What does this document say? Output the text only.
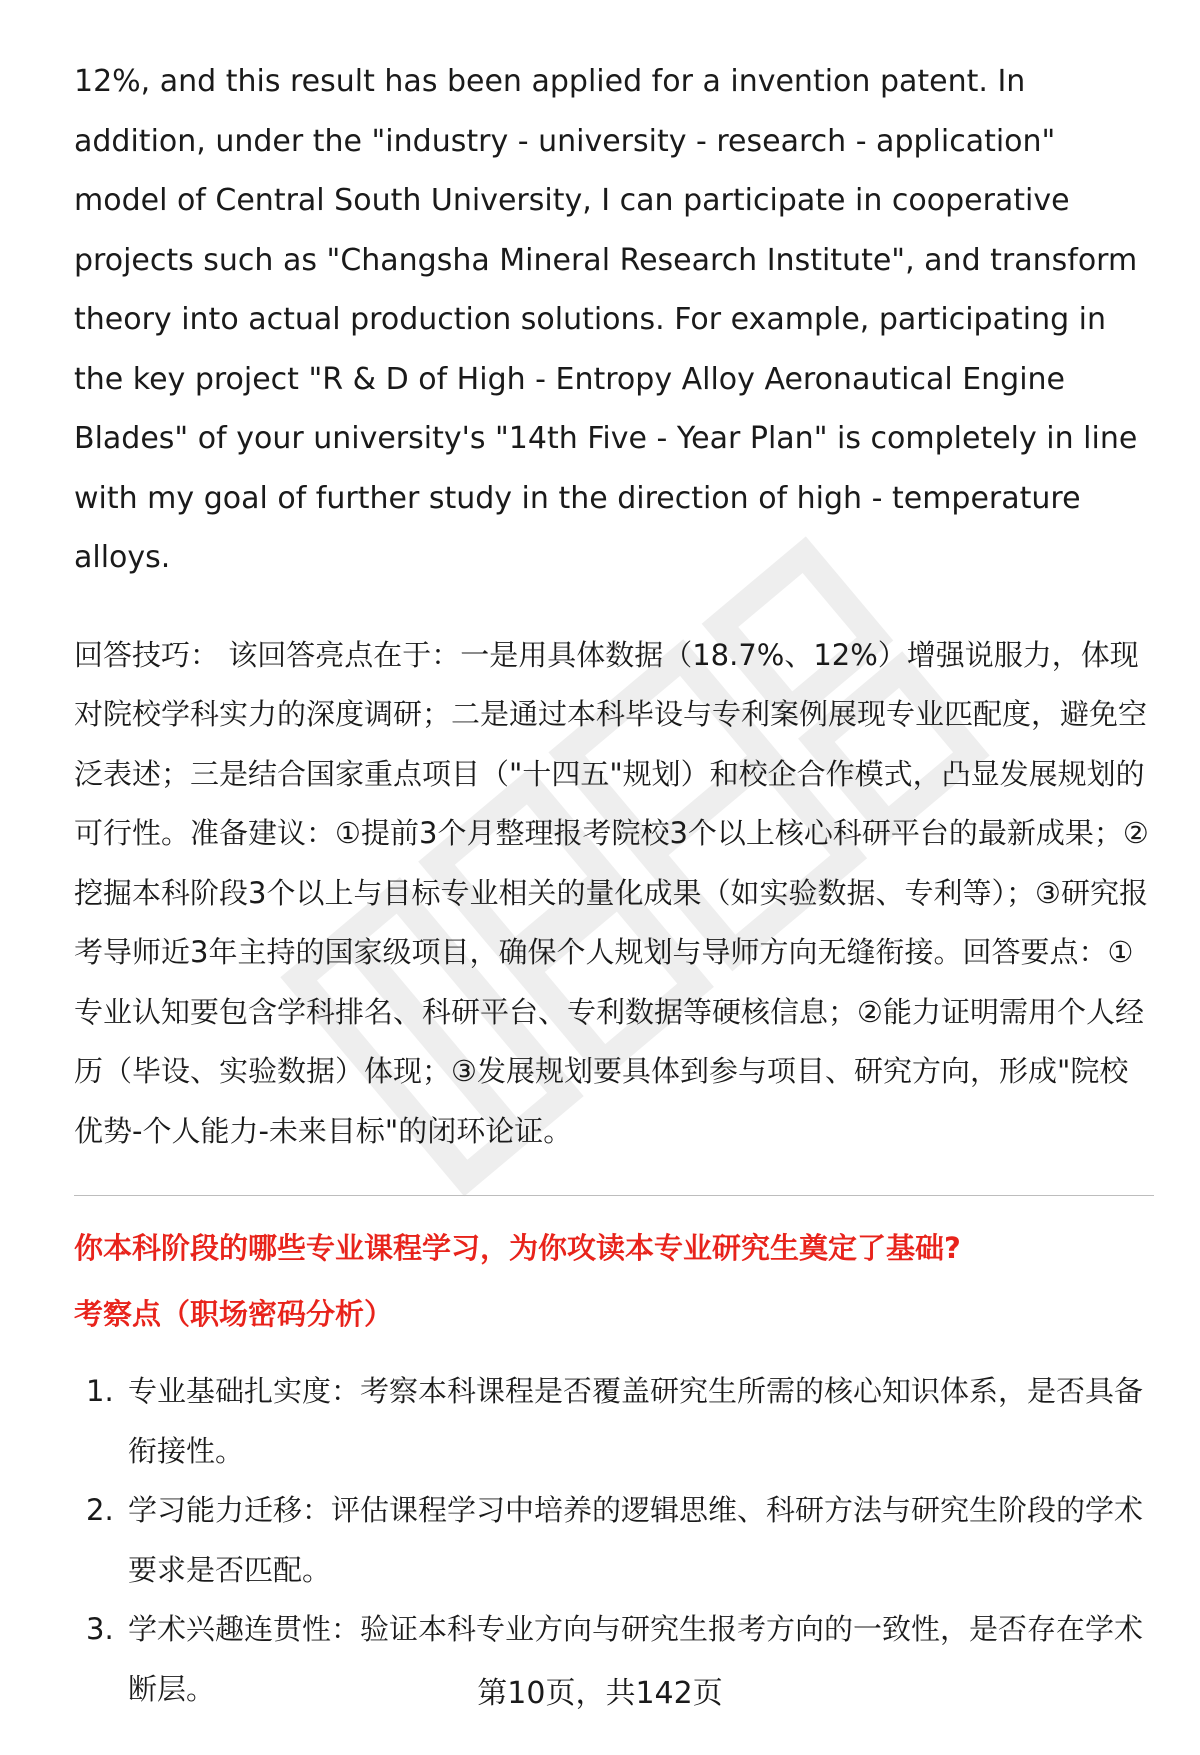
12%, and this result has been applied for a invention patent. In addition, under the "industry - university - research - application" model of Central South University, I can participate in cooperative projects such as "Changsha Mineral Research Institute", and transform theory into actual production solutions. For example, participating in the key project "R & D of High - Entropy Alloy Aeronautical Engine Blades" of your university's "14th Five - Year Plan" is completely in line with my goal of further study in the direction of high - temperature alloys.

回答技巧： 该回答亮点在于：一是用具体数据（18.7%、12%）增强说服力，体现对院校学科实力的深度调研；二是通过本科毕设与专利案例展现专业匹配度，避免空泛表述；三是结合国家重点项目（"十四五"规划）和校企合作模式，凸显发展规划的可行性。准备建议：①提前3个月整理报考院校3个以上核心科研平台的最新成果；②挖掘本科阶段3个以上与目标专业相关的量化成果（如实验数据、专利等）；③研究报考导师近3年主持的国家级项目，确保个人规划与导师方向无缝衔接。回答要点：①专业认知要包含学科排名、科研平台、专利数据等硬核信息；②能力证明需用个人经历（毕设、实验数据）体现；③发展规划要具体到参与项目、研究方向，形成"院校优势-个人能力-未来目标"的闭环论证。

你本科阶段的哪些专业课程学习，为你攻读本专业研究生奠定了基础?
考察点（职场密码分析）
1. 专业基础扎实度：考察本科课程是否覆盖研究生所需的核心知识体系，是否具备衔接性。
2. 学习能力迁移：评估课程学习中培养的逻辑思维、科研方法与研究生阶段的学术要求是否匹配。
3. 学术兴趣连贯性：验证本科专业方向与研究生报考方向的一致性，是否存在学术断层。	第10页，共142页
